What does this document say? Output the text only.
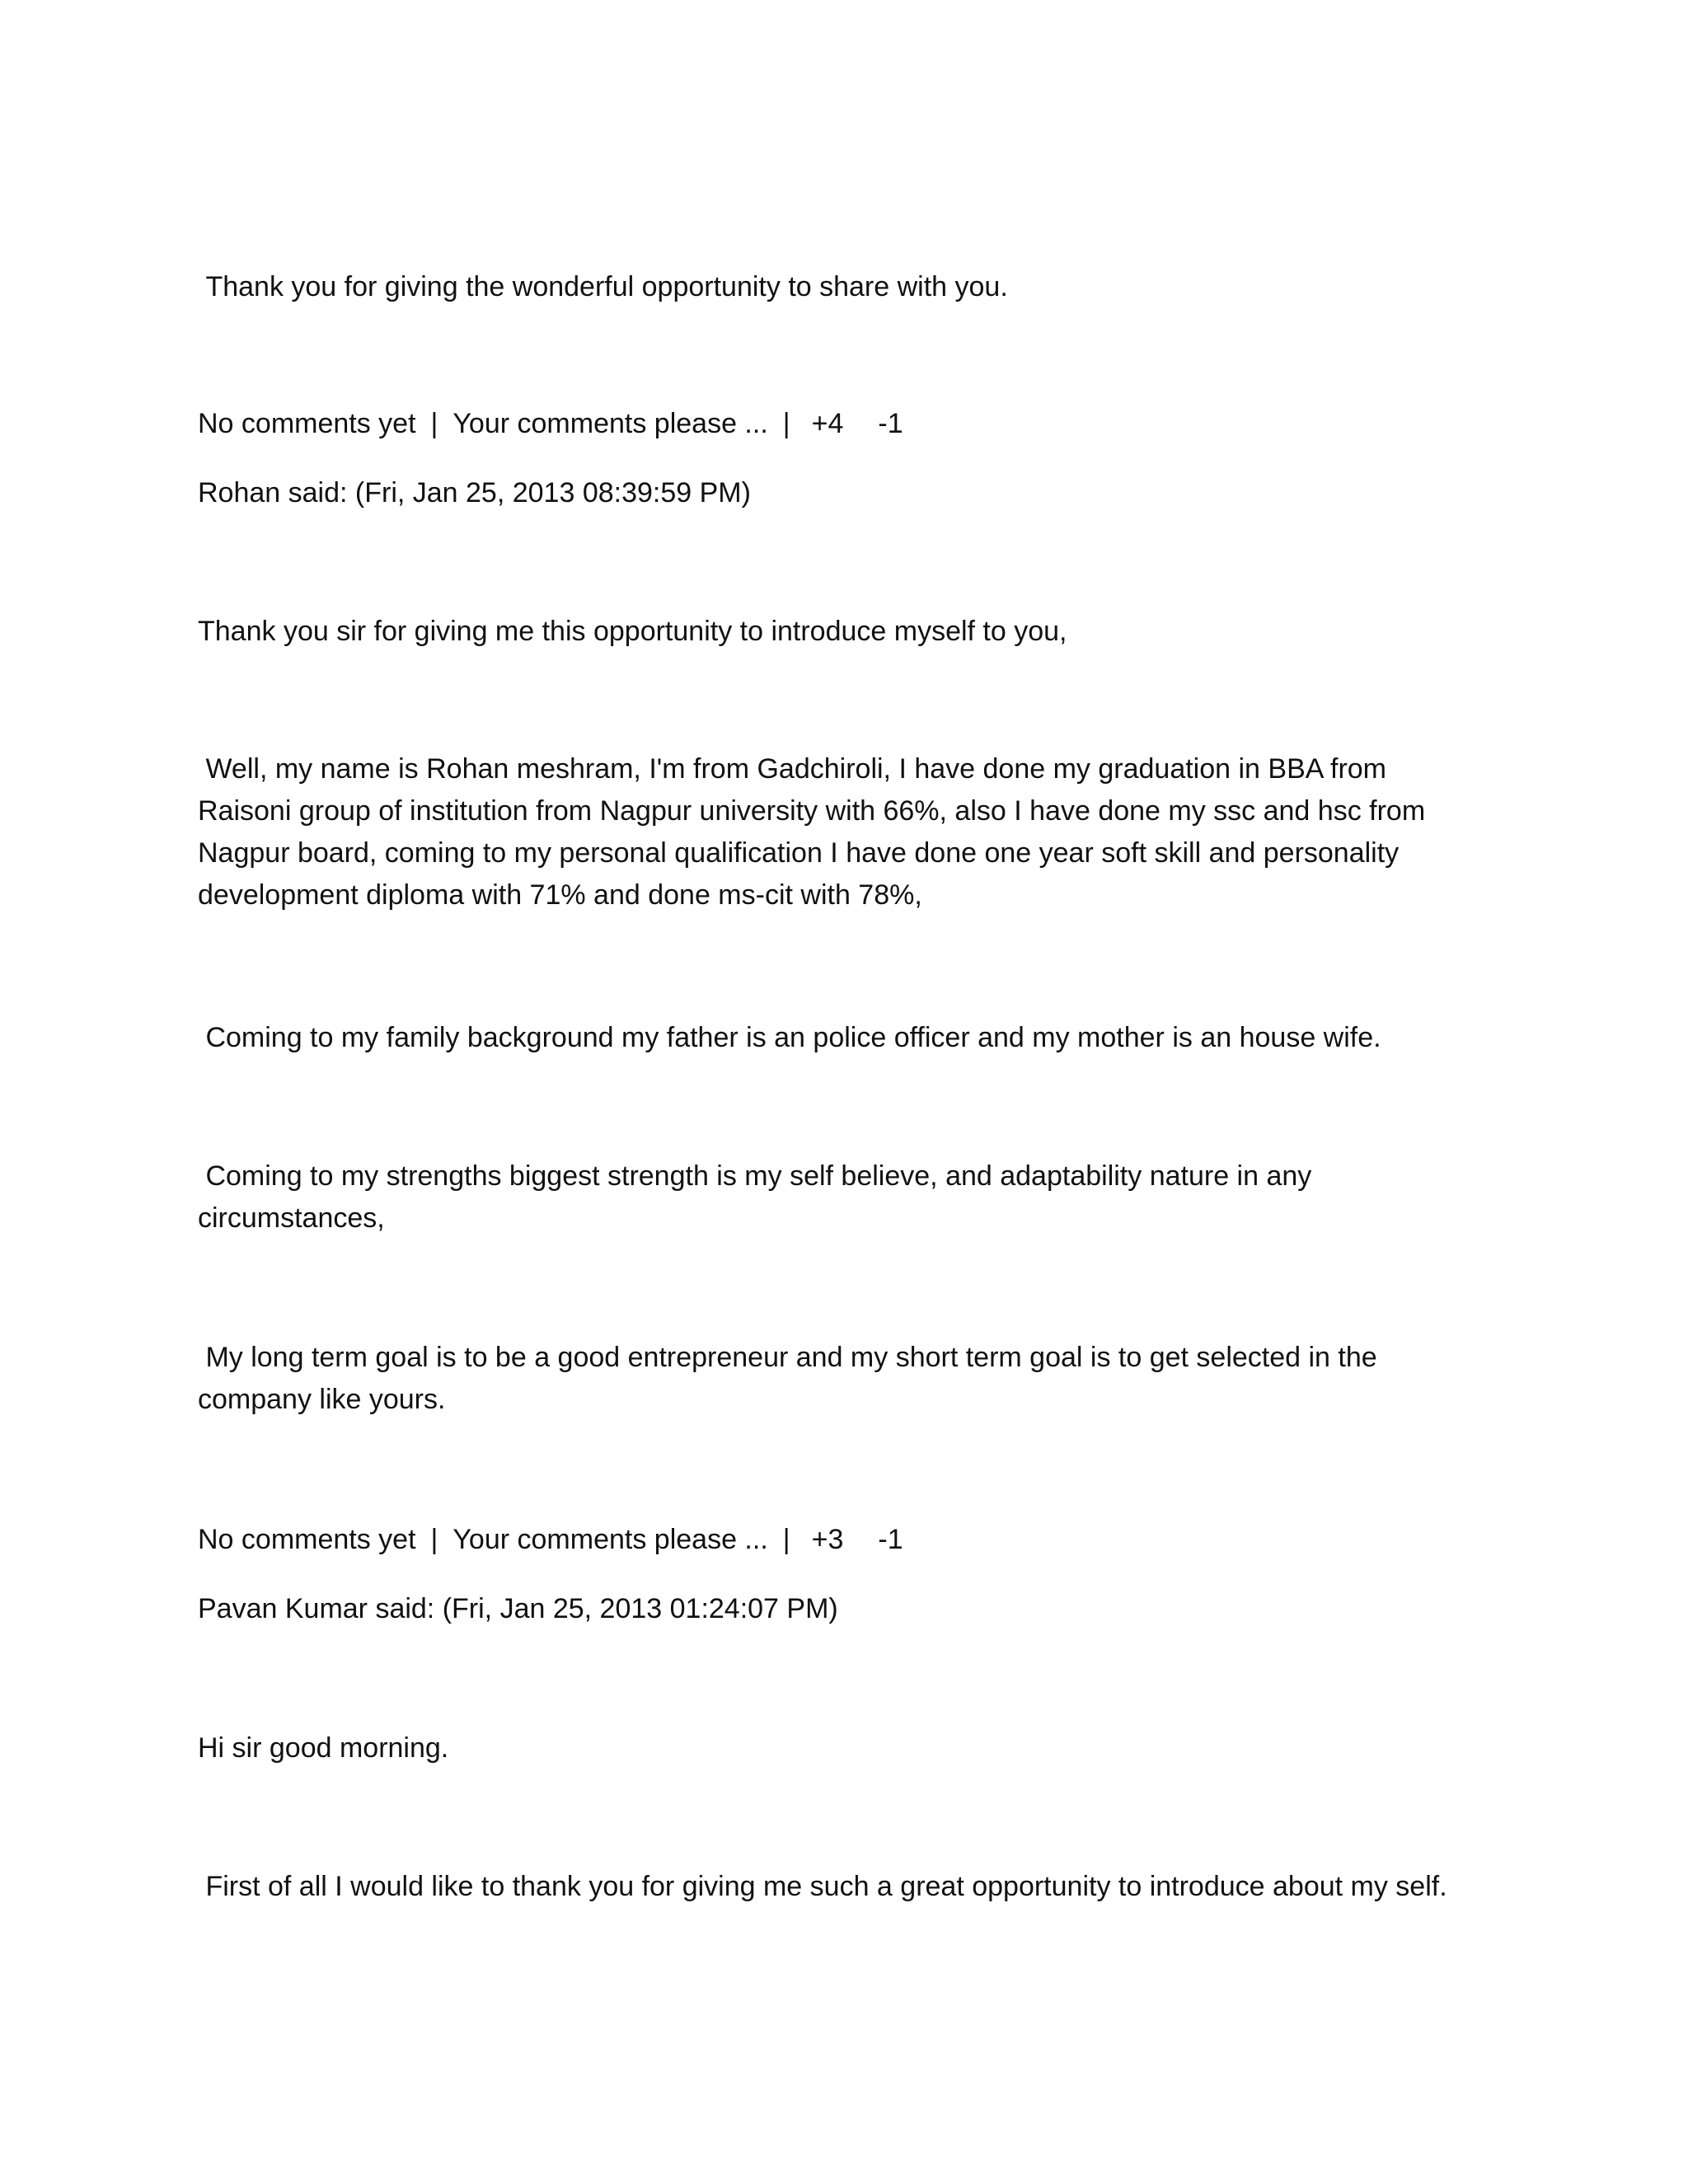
Thank you for giving the wonderful opportunity to share with you.

No comments yet | Your comments please ... | +4 -1

Rohan said: (Fri, Jan 25, 2013 08:39:59 PM)

Thank you sir for giving me this opportunity to introduce myself to you,

Well, my name is Rohan meshram, I'm from Gadchiroli, I have done my graduation in BBA from Raisoni group of institution from Nagpur university with 66%, also I have done my ssc and hsc from Nagpur board, coming to my personal qualification I have done one year soft skill and personality development diploma with 71% and done ms-cit with 78%,

Coming to my family background my father is an police officer and my mother is an house wife.

Coming to my strengths biggest strength is my self believe, and adaptability nature in any circumstances,

My long term goal is to be a good entrepreneur and my short term goal is to get selected in the company like yours.

No comments yet | Your comments please ... | +3 -1

Pavan Kumar said: (Fri, Jan 25, 2013 01:24:07 PM)

Hi sir good morning.

First of all I would like to thank you for giving me such a great opportunity to introduce about my self.
